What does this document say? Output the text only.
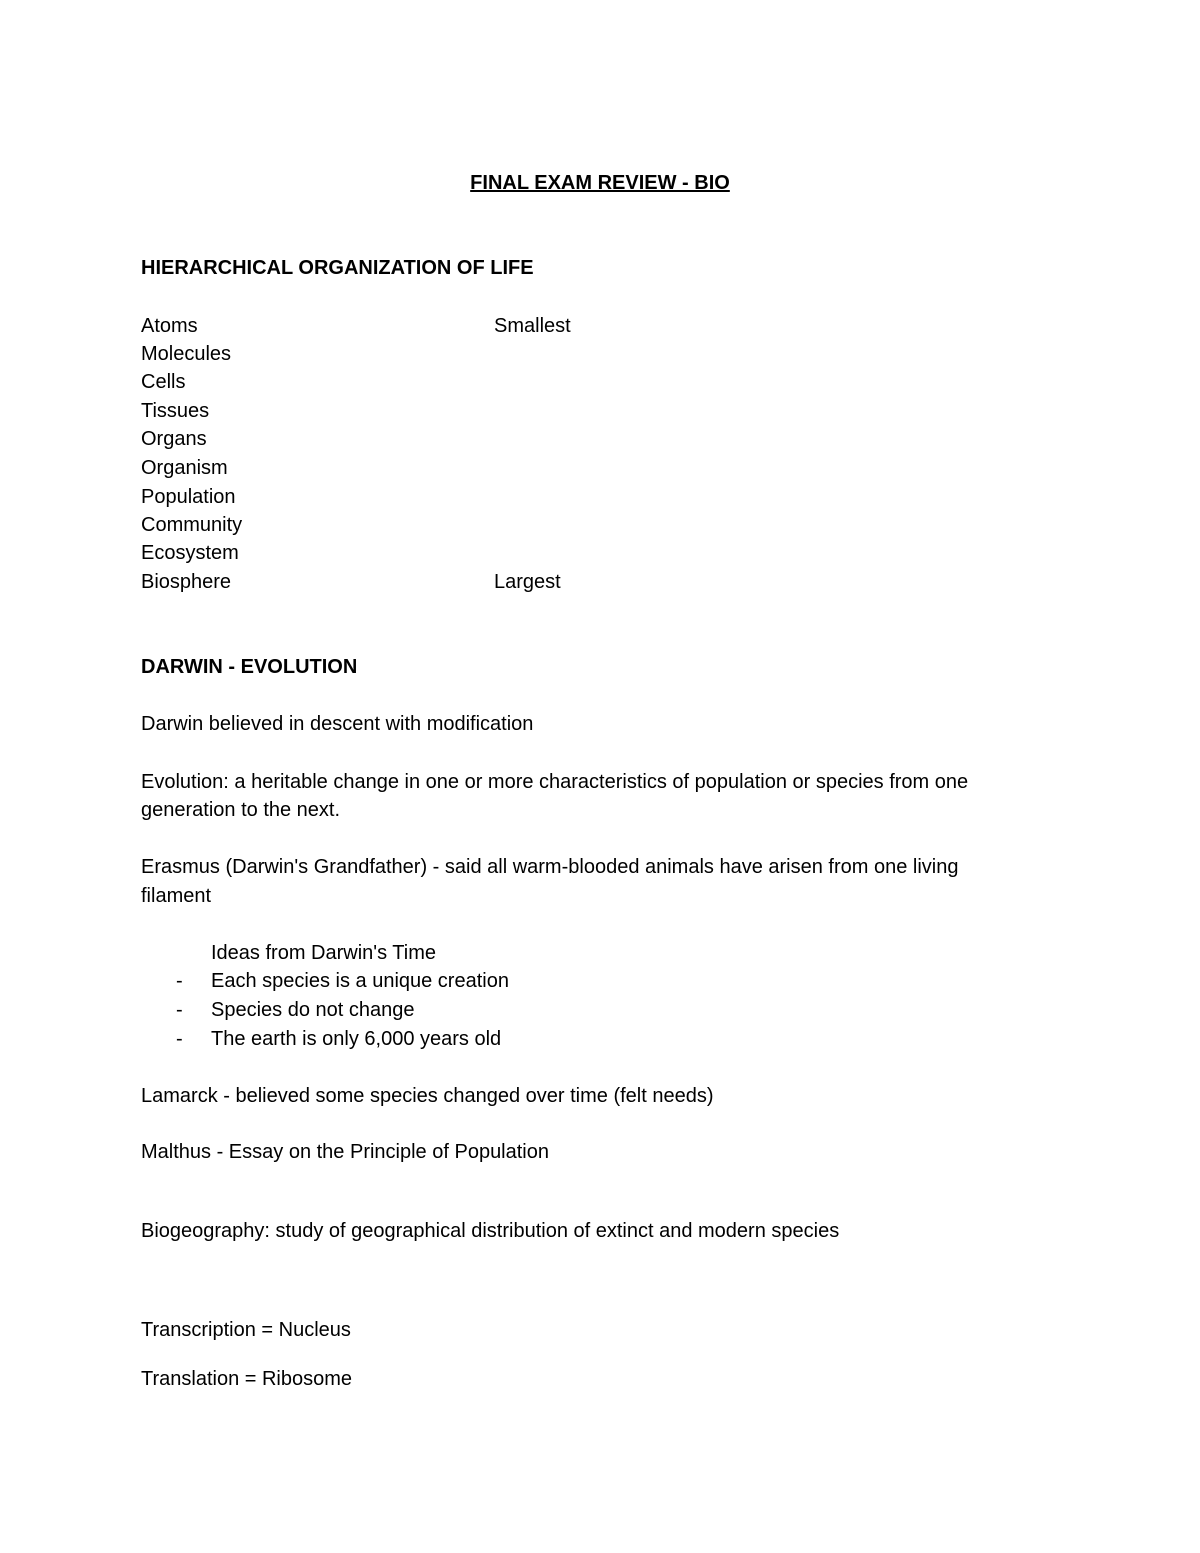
FINAL EXAM REVIEW - BIO
HIERARCHICAL ORGANIZATION OF LIFE
Atoms	Smallest
Molecules
Cells
Tissues
Organs
Organism
Population
Community
Ecosystem
Biosphere	Largest
DARWIN - EVOLUTION
Darwin believed in descent with modification
Evolution: a heritable change in one or more characteristics of population or species from one
generation to the next.
Erasmus (Darwin's Grandfather) - said all warm-blooded animals have arisen from one living
filament
Ideas from Darwin's Time
- Each species is a unique creation
- Species do not change
- The earth is only 6,000 years old
Lamarck - believed some species changed over time (felt needs)
Malthus - Essay on the Principle of Population
Biogeography: study of geographical distribution of extinct and modern species
Transcription = Nucleus
Translation = Ribosome
